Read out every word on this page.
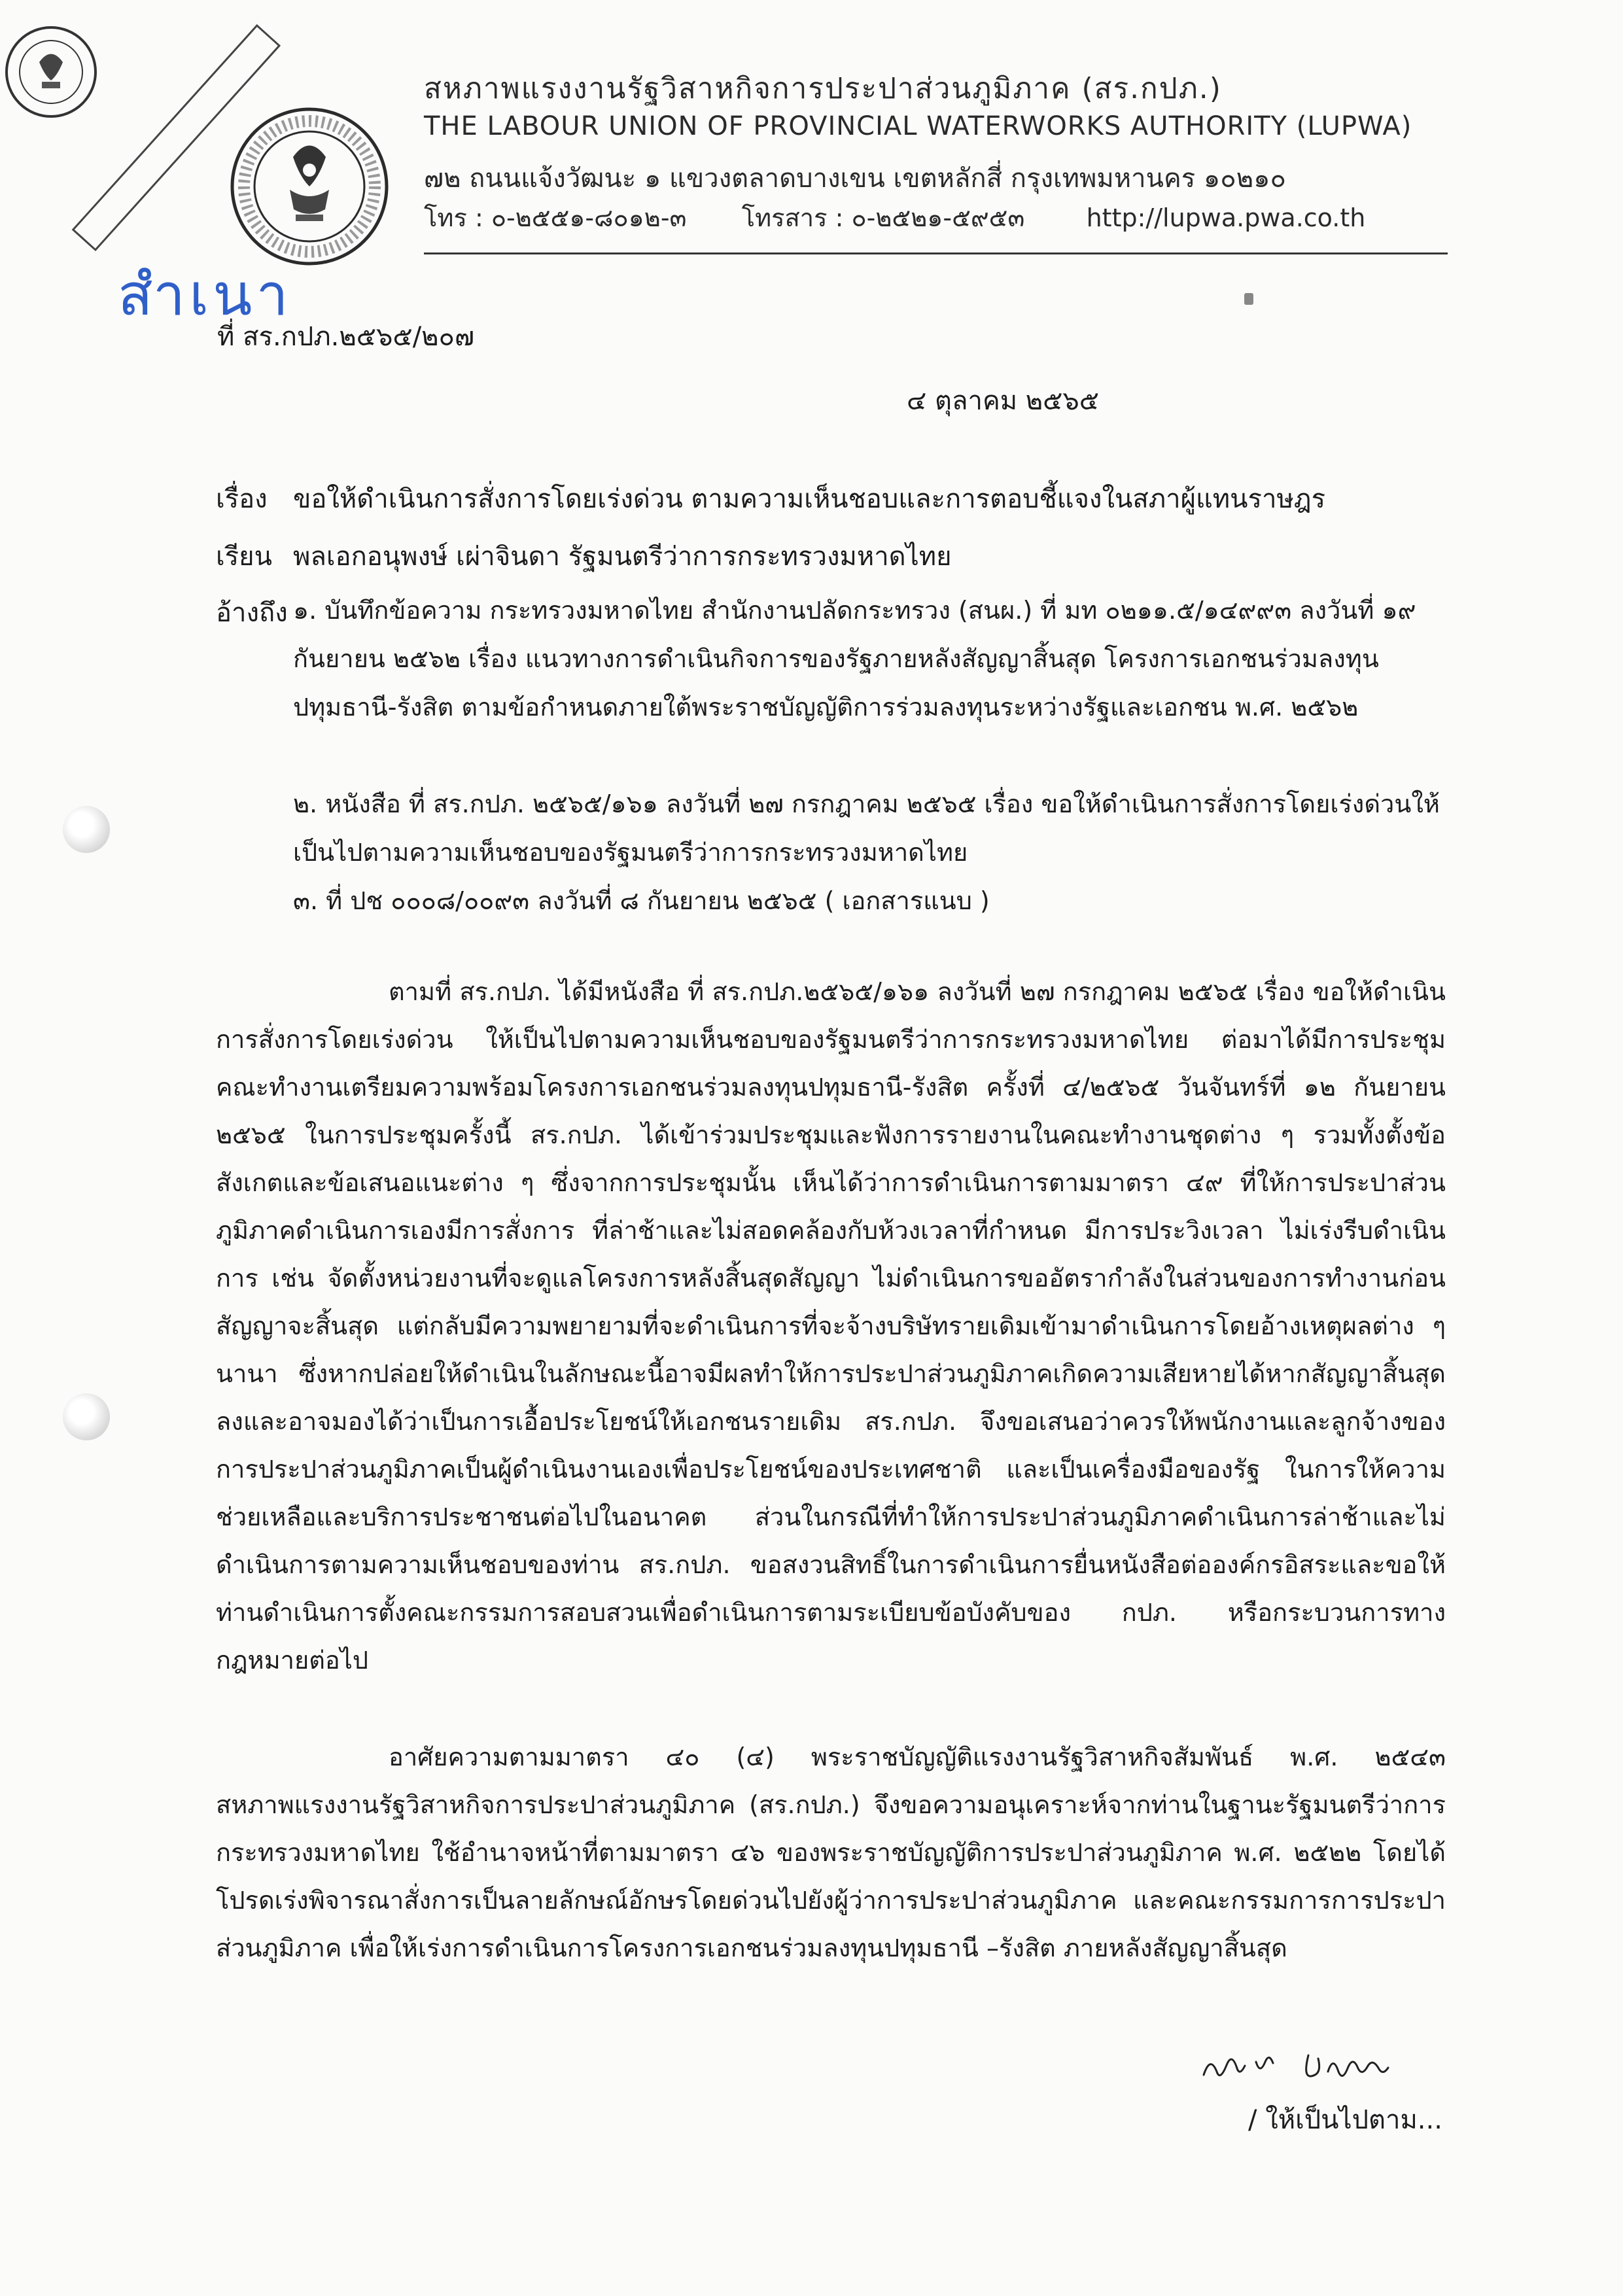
สหภาพแรงงานรัฐวิสาหกิจการประปาส่วนภูมิภาค (สร.กปภ.)
THE LABOUR UNION OF PROVINCIAL WATERWORKS AUTHORITY (LUPWA)
๗๒ ถนนแจ้งวัฒนะ ๑ แขวงตลาดบางเขน เขตหลักสี่ กรุงเทพมหานคร ๑๐๒๑๐
โทร : ๐-๒๕๕๑-๘๐๑๒-๓ โทรสาร : ๐-๒๕๒๑-๕๙๕๓ http://lupwa.pwa.co.th
สำเนา
ที่ สร.กปภ.๒๕๖๕/๒๐๗
๔ ตุลาคม ๒๕๖๕
เรื่อง ขอให้ดำเนินการสั่งการโดยเร่งด่วน ตามความเห็นชอบและการตอบชี้แจงในสภาผู้แทนราษฎร
เรียน พลเอกอนุพงษ์ เผ่าจินดา รัฐมนตรีว่าการกระทรวงมหาดไทย
อ้างถึง ๑. บันทึกข้อความ กระทรวงมหาดไทย สำนักงานปลัดกระทรวง (สนผ.) ที่ มท ๐๒๑๑.๕/๑๔๙๙๓ ลงวันที่ ๑๙ กันยายน ๒๕๖๒ เรื่อง แนวทางการดำเนินกิจการของรัฐภายหลังสัญญาสิ้นสุด โครงการเอกชนร่วมลงทุนปทุมธานี-รังสิต ตามข้อกำหนดภายใต้พระราชบัญญัติการร่วมลงทุนระหว่างรัฐและเอกชน พ.ศ. ๒๕๖๒
๒. หนังสือ ที่ สร.กปภ. ๒๕๖๕/๑๖๑ ลงวันที่ ๒๗ กรกฎาคม ๒๕๖๕ เรื่อง ขอให้ดำเนินการสั่งการโดยเร่งด่วนให้เป็นไปตามความเห็นชอบของรัฐมนตรีว่าการกระทรวงมหาดไทย
๓. ที่ ปช ๐๐๐๘/๐๐๙๓ ลงวันที่ ๘ กันยายน ๒๕๖๕ ( เอกสารแนบ )
ตามที่ สร.กปภ. ได้มีหนังสือ ที่ สร.กปภ.๒๕๖๕/๑๖๑ ลงวันที่ ๒๗ กรกฎาคม ๒๕๖๕ เรื่อง ขอให้ดำเนินการสั่งการโดยเร่งด่วน ให้เป็นไปตามความเห็นชอบของรัฐมนตรีว่าการกระทรวงมหาดไทย ต่อมาได้มีการประชุมคณะทำงานเตรียมความพร้อมโครงการเอกชนร่วมลงทุนปทุมธานี-รังสิต ครั้งที่ ๔/๒๕๖๕ วันจันทร์ที่ ๑๒ กันยายน ๒๕๖๕ ในการประชุมครั้งนี้ สร.กปภ. ได้เข้าร่วมประชุมและฟังการรายงานในคณะทำงานชุดต่าง ๆ รวมทั้งตั้งข้อสังเกตและข้อเสนอแนะต่าง ๆ ซึ่งจากการประชุมนั้น เห็นได้ว่าการดำเนินการตามมาตรา ๔๙ ที่ให้การประปาส่วนภูมิภาคดำเนินการเองมีการสั่งการ ที่ล่าช้าและไม่สอดคล้องกับห้วงเวลาที่กำหนด มีการประวิงเวลา ไม่เร่งรีบดำเนินการ เช่น จัดตั้งหน่วยงานที่จะดูแลโครงการหลังสิ้นสุดสัญญา ไม่ดำเนินการขออัตรากำลังในส่วนของการทำงานก่อนสัญญาจะสิ้นสุด แต่กลับมีความพยายามที่จะดำเนินการที่จะจ้างบริษัทรายเดิมเข้ามาดำเนินการโดยอ้างเหตุผลต่าง ๆ นานา ซึ่งหากปล่อยให้ดำเนินในลักษณะนี้อาจมีผลทำให้การประปาส่วนภูมิภาคเกิดความเสียหายได้หากสัญญาสิ้นสุดลงและอาจมองได้ว่าเป็นการเอื้อประโยชน์ให้เอกชนรายเดิม สร.กปภ. จึงขอเสนอว่าควรให้พนักงานและลูกจ้างของ การประปาส่วนภูมิภาคเป็นผู้ดำเนินงานเองเพื่อประโยชน์ของประเทศชาติ และเป็นเครื่องมือของรัฐ ในการให้ความช่วยเหลือและบริการประชาชนต่อไปในอนาคต ส่วนในกรณีที่ทำให้การประปาส่วนภูมิภาคดำเนินการล่าช้าและไม่ดำเนินการตามความเห็นชอบของท่าน สร.กปภ. ขอสงวนสิทธิ์ในการดำเนินการยื่นหนังสือต่อองค์กรอิสระและขอให้ท่านดำเนินการตั้งคณะกรรมการสอบสวนเพื่อดำเนินการตามระเบียบข้อบังคับของ กปภ. หรือกระบวนการทางกฎหมายต่อไป
อาศัยความตามมาตรา ๔๐ (๔) พระราชบัญญัติแรงงานรัฐวิสาหกิจสัมพันธ์ พ.ศ. ๒๕๔๓ สหภาพแรงงานรัฐวิสาหกิจการประปาส่วนภูมิภาค (สร.กปภ.) จึงขอความอนุเคราะห์จากท่านในฐานะรัฐมนตรีว่าการกระทรวงมหาดไทย ใช้อำนาจหน้าที่ตามมาตรา ๔๖ ของพระราชบัญญัติการประปาส่วนภูมิภาค พ.ศ. ๒๕๒๒ โดยได้โปรดเร่งพิจารณาสั่งการเป็นลายลักษณ์อักษรโดยด่วนไปยังผู้ว่าการประปาส่วนภูมิภาค และคณะกรรมการการประปาส่วนภูมิภาค เพื่อให้เร่งการดำเนินการโครงการเอกชนร่วมลงทุนปทุมธานี –รังสิต ภายหลังสัญญาสิ้นสุด
/ ให้เป็นไปตาม...
